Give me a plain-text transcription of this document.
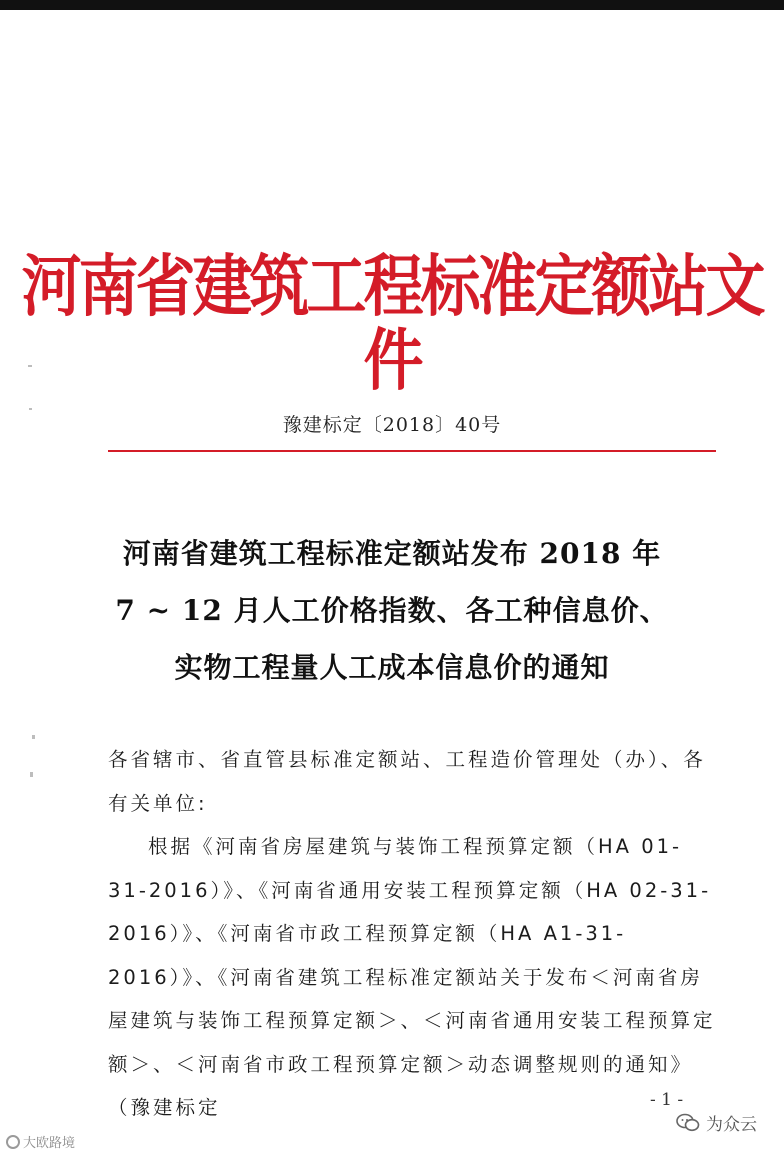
河南省建筑工程标准定额站文件
豫建标定〔2018〕40号
河南省建筑工程标准定额站发布 2018 年
7 ~ 12 月人工价格指数、各工种信息价、
实物工程量人工成本信息价的通知

各省辖市、省直管县标准定额站、工程造价管理处（办）、各有关单位:

根据《河南省房屋建筑与装饰工程预算定额（HA 01-31-2016）》、《河南省通用安装工程预算定额（HA 02-31-2016）》、《河南省市政工程预算定额（HA A1-31-2016）》、《河南省建筑工程标准定额站关于发布＜河南省房屋建筑与装饰工程预算定额＞、＜河南省通用安装工程预算定额＞、＜河南省市政工程预算定额＞动态调整规则的通知》（豫建标定	- 1 -
大欧路境
为众云
